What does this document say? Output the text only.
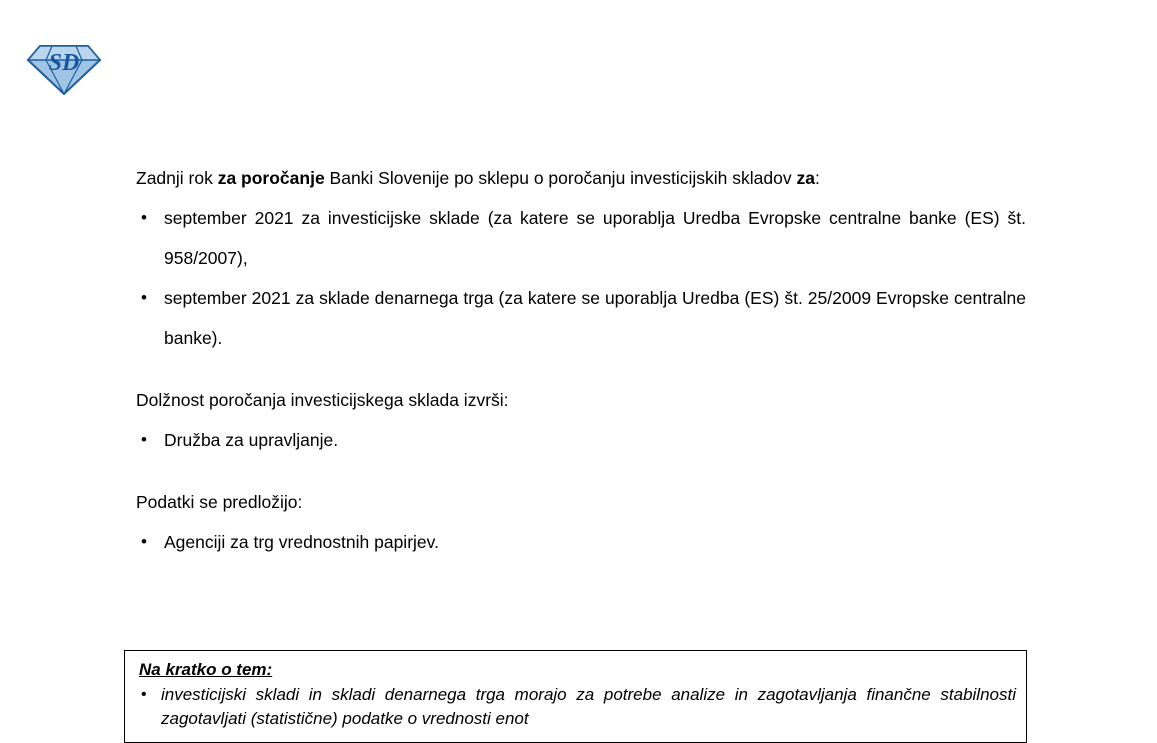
SD

Zadnji rok za poročanje Banki Slovenije po sklepu o poročanju investicijskih skladov za:

• september 2021 za investicijske sklade (za katere se uporablja Uredba Evropske centralne banke (ES) št. 958/2007),
• september 2021 za sklade denarnega trga (za katere se uporablja Uredba (ES) št. 25/2009 Evropske centralne banke).

Dolžnost poročanja investicijskega sklada izvrši:

• Družba za upravljanje.

Podatki se predložijo:

• Agenciji za trg vrednostnih papirjev.
Na kratko o tem:
• investicijski skladi in skladi denarnega trga morajo za potrebe analize in zagotavljanja finančne stabilnosti zagotavljati (statistične) podatke o vrednosti enot
